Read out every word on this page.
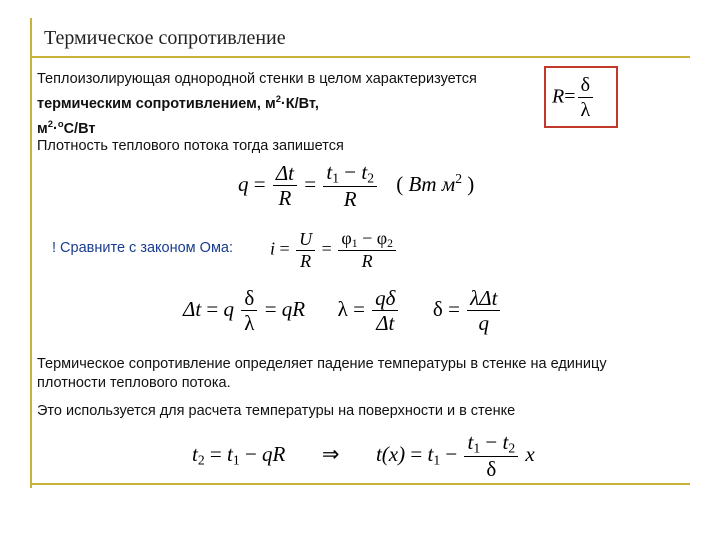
Термическое сопротивление
Теплоизолирующая однородной стенки в целом характеризуется термическим сопротивлением, $м^2\cdot К/Вт$,
$м^2\cdot^оС/Вт$
$R= \frac{\delta}{\lambda}$
Плотность теплового потока тогда запишется
$q = \frac{\Delta t}{R} = \frac{t_1 - t_2}{R}$ ( Bm $м^2$ )
! Сравните с законом Ома: $i = \frac{U}{R} = \frac{\varphi_1 - \varphi_2}{R}$
Δt = q $\frac{\delta}{\lambda}$ = qR $\lambda = \frac{q\delta}{\Delta t}$ $\delta = \frac{\text{λΔt}}{q}$
Термическое сопротивление определяет падение температуры в стенке на единицу плотности теплового потока.
Это используется для расчета температуры на поверхности и в стенке
$t_2 = t_1$ − qR ⇒ $t(x) = t_1 - \frac{t_1 - t_2}{\delta}$ x
